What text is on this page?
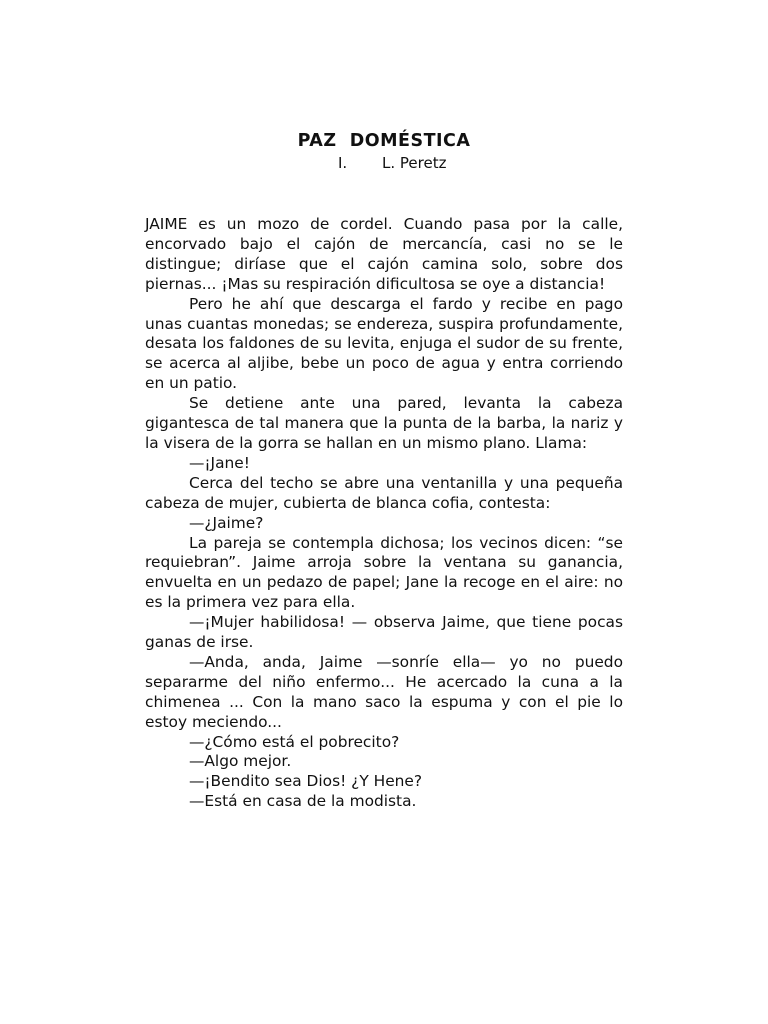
PAZ  DOMÉSTICA
I. L. Peretz

JAIME es un mozo de cordel. Cuando pasa por la calle, encorvado bajo el cajón de mercancía, casi no se le distingue; diríase que el cajón camina solo, sobre dos piernas... ¡Mas su respiración dificultosa se oye a distancia!

Pero he ahí que descarga el fardo y recibe en pago unas cuantas monedas; se endereza, suspira profundamente, desata los faldones de su levita, enjuga el sudor de su frente, se acerca al aljibe, bebe un poco de agua y entra corriendo en un patio.

Se detiene ante una pared, levanta la cabeza gigantesca de tal manera que la punta de la barba, la nariz y la visera de la gorra se hallan en un mismo plano. Llama:

—¡Jane!

Cerca del techo se abre una ventanilla y una pequeña cabeza de mujer, cubierta de blanca cofia, contesta:

—¿Jaime?

La pareja se contempla dichosa; los vecinos dicen: “se requiebran”. Jaime arroja sobre la ventana su ganancia, envuelta en un pedazo de papel; Jane la recoge en el aire: no es la primera vez para ella.

—¡Mujer habilidosa! — observa Jaime, que tiene pocas ganas de irse.

—Anda, anda, Jaime —sonríe ella— yo no puedo separarme del niño enfermo... He acercado la cuna a la chimenea ... Con la mano saco la espuma y con el pie lo estoy meciendo...

—¿Cómo está el pobrecito?

—Algo mejor.

—¡Bendito sea Dios! ¿Y Hene?

—Está en casa de la modista.
